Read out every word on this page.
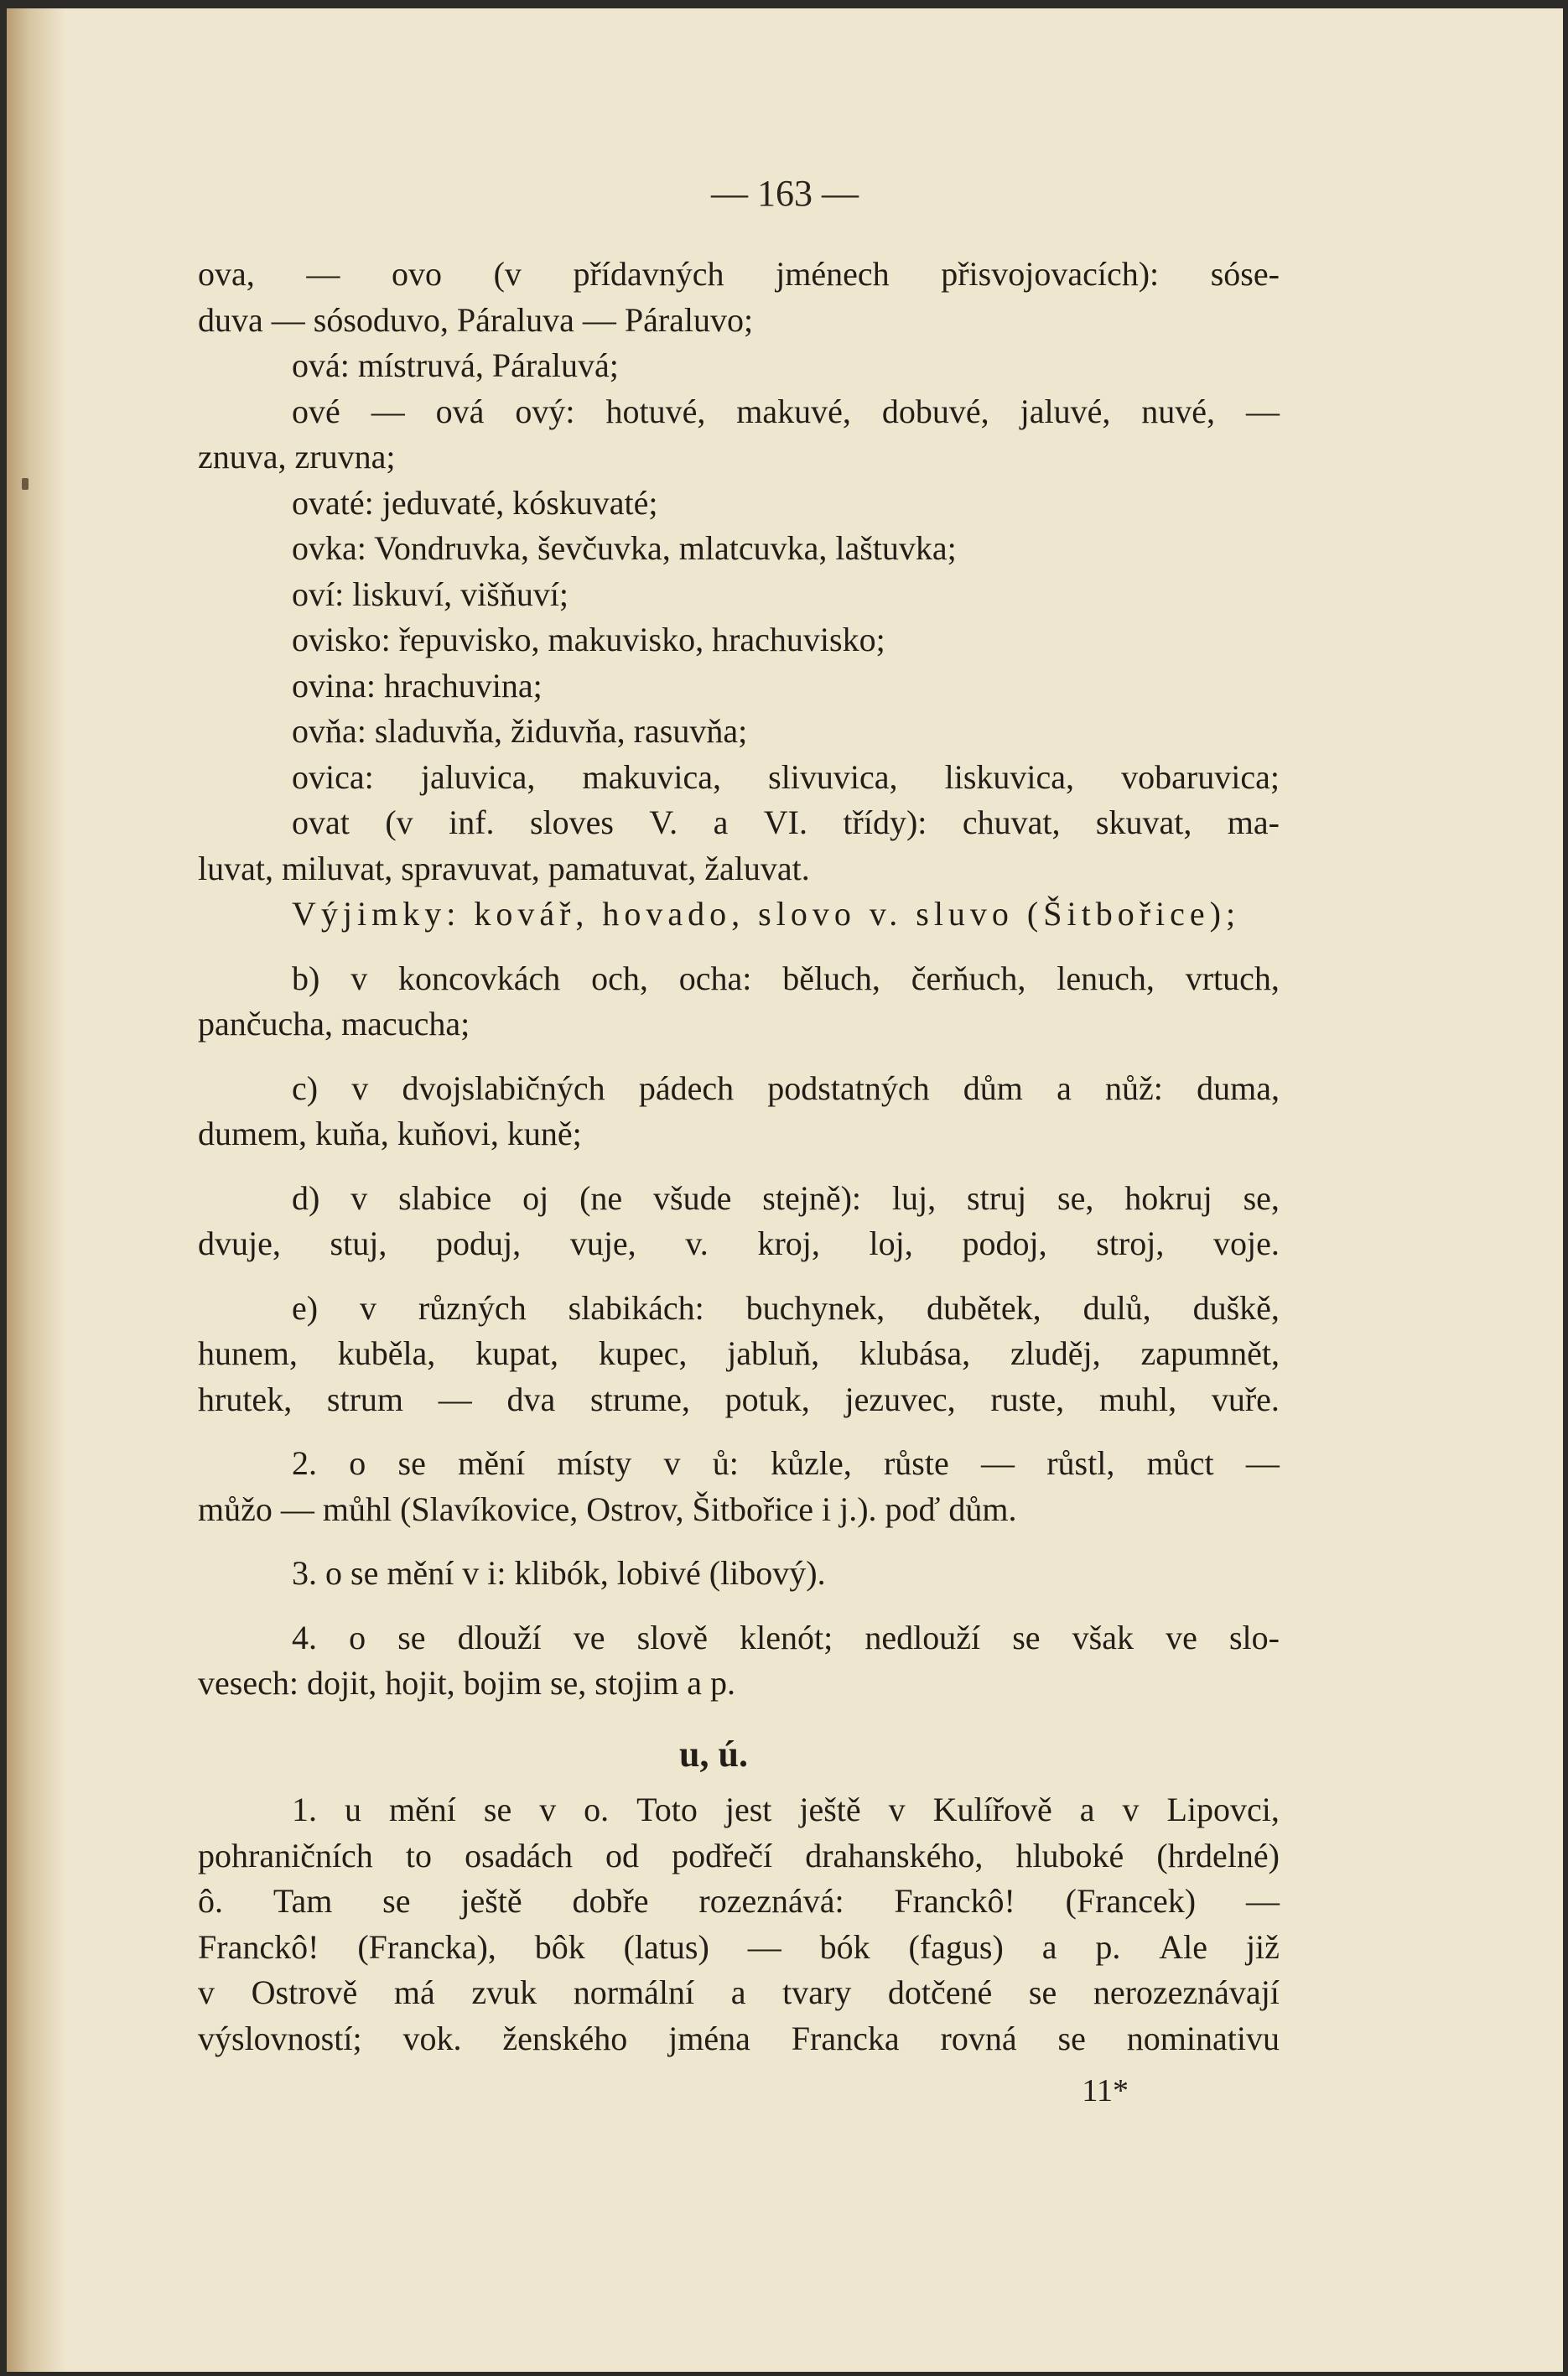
— 163 —
ova, — ovo (v přídavných jménech přisvojovacích): sóse-
duva — sósoduvo, Páraluva — Páraluvo;
ová: místruvá, Páraluvá;
ové — ová ový: hotuvé, makuvé, dobuvé, jaluvé, nuvé, —
znuva, zruvna;
ovaté: jeduvaté, kóskuvaté;
ovka: Vondruvka, ševčuvka, mlatcuvka, laštuvka;
oví: liskuví, višňuví;
ovisko: řepuvisko, makuvisko, hrachuvisko;
ovina: hrachuvina;
ovňa: sladuvňa, židuvňa, rasuvňa;
ovica: jaluvica, makuvica, slivuvica, liskuvica, vobaruvica;
ovat (v inf. sloves V. a VI. třídy): chuvat, skuvat, ma-
luvat, miluvat, spravuvat, pamatuvat, žaluvat.
Výjimky: kovář, hovado, slovo v. sluvo (Šitbořice);
b) v koncovkách och, ocha: běluch, čerňuch, lenuch, vrtuch,
pančucha, macucha;
c) v dvojslabičných pádech podstatných dům a nůž: duma,
dumem, kuňa, kuňovi, kuně;
d) v slabice oj (ne všude stejně): luj, struj se, hokruj se,
dvuje, stuj, poduj, vuje, v. kroj, loj, podoj, stroj, voje.
e) v různých slabikách: buchynek, dubětek, dulů, duškě,
hunem, kuběla, kupat, kupec, jabluň, klubása, zluděj, zapumnět,
hrutek, strum — dva strume, potuk, jezuvec, ruste, muhl, vuře.
2. o se mění místy v ů: kůzle, růste — růstl, můct —
můžo — můhl (Slavíkovice, Ostrov, Šitbořice i j.). poď dům.
3. o se mění v i: klibók, lobivé (libový).
4. o se dlouží ve slově klenót; nedlouží se však ve slo-
vesech: dojit, hojit, bojim se, stojim a p.
u, ú.
1. u mění se v o. Toto jest ještě v Kulířově a v Lipovci,
pohraničních to osadách od podřečí drahanského, hluboké (hrdelné)
ô. Tam se ještě dobře rozeznává: Franckô! (Francek) —
Franckô! (Francka), bôk (latus) — bók (fagus) a p. Ale již
v Ostrově má zvuk normální a tvary dotčené se nerozeznávají
výslovností; vok. ženského jména Francka rovná se nominativu
11*
